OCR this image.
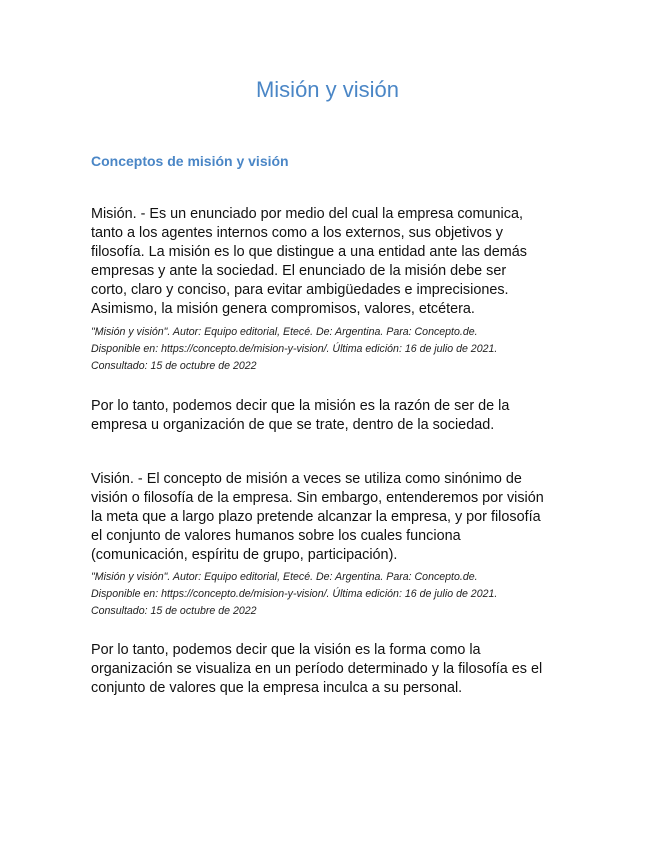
Misión y visión
Conceptos de misión y visión

Misión. - Es un enunciado por medio del cual la empresa comunica,
tanto a los agentes internos como a los externos, sus objetivos y
filosofía. La misión es lo que distingue a una entidad ante las demás
empresas y ante la sociedad. El enunciado de la misión debe ser
corto, claro y conciso, para evitar ambigüedades e imprecisiones.
Asimismo, la misión genera compromisos, valores, etcétera.

"Misión y visión". Autor: Equipo editorial, Etecé. De: Argentina. Para: Concepto.de.
Disponible en: https://concepto.de/mision-y-vision/. Última edición: 16 de julio de 2021.
Consultado: 15 de octubre de 2022

Por lo tanto, podemos decir que la misión es la razón de ser de la
empresa u organización de que se trate, dentro de la sociedad.

Visión. - El concepto de misión a veces se utiliza como sinónimo de
visión o filosofía de la empresa. Sin embargo, entenderemos por visión
la meta que a largo plazo pretende alcanzar la empresa, y por filosofía
el conjunto de valores humanos sobre los cuales funciona
(comunicación, espíritu de grupo, participación).

"Misión y visión". Autor: Equipo editorial, Etecé. De: Argentina. Para: Concepto.de.
Disponible en: https://concepto.de/mision-y-vision/. Última edición: 16 de julio de 2021.
Consultado: 15 de octubre de 2022

Por lo tanto, podemos decir que la visión es la forma como la
organización se visualiza en un período determinado y la filosofía es el
conjunto de valores que la empresa inculca a su personal.
